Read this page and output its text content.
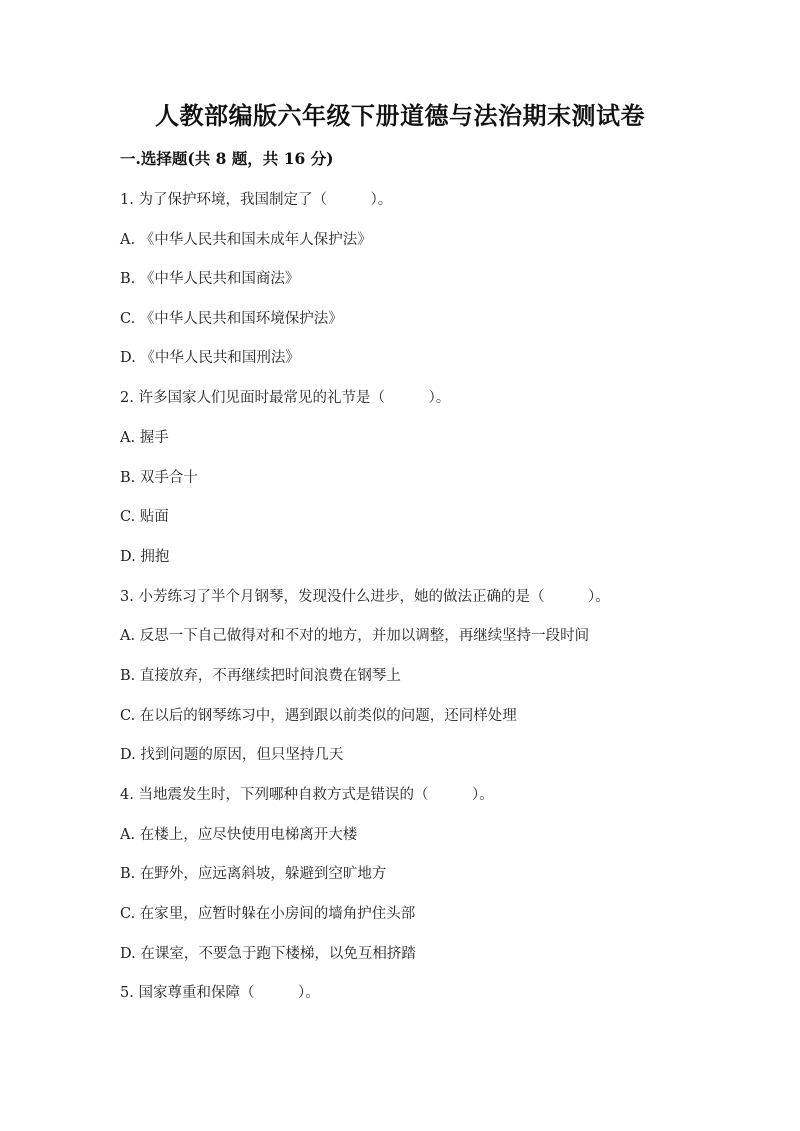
人教部编版六年级下册道德与法治期末测试卷
一.选择题(共 8 题，共 16 分)
1. 为了保护环境，我国制定了（　　　）。
A. 《中华人民共和国未成年人保护法》
B. 《中华人民共和国商法》
C. 《中华人民共和国环境保护法》
D. 《中华人民共和国刑法》
2. 许多国家人们见面时最常见的礼节是（　　　）。
A. 握手
B. 双手合十
C. 贴面
D. 拥抱
3. 小芳练习了半个月钢琴，发现没什么进步，她的做法正确的是（　　　）。
A. 反思一下自己做得对和不对的地方，并加以调整，再继续坚持一段时间
B. 直接放弃，不再继续把时间浪费在钢琴上
C. 在以后的钢琴练习中，遇到跟以前类似的问题，还同样处理
D. 找到问题的原因，但只坚持几天
4. 当地震发生时，下列哪种自救方式是错误的（　　　）。
A. 在楼上，应尽快使用电梯离开大楼
B. 在野外，应远离斜坡，躲避到空旷地方
C. 在家里，应暂时躲在小房间的墙角护住头部
D. 在课室，不要急于跑下楼梯，以免互相挤踏
5. 国家尊重和保障（　　　）。
